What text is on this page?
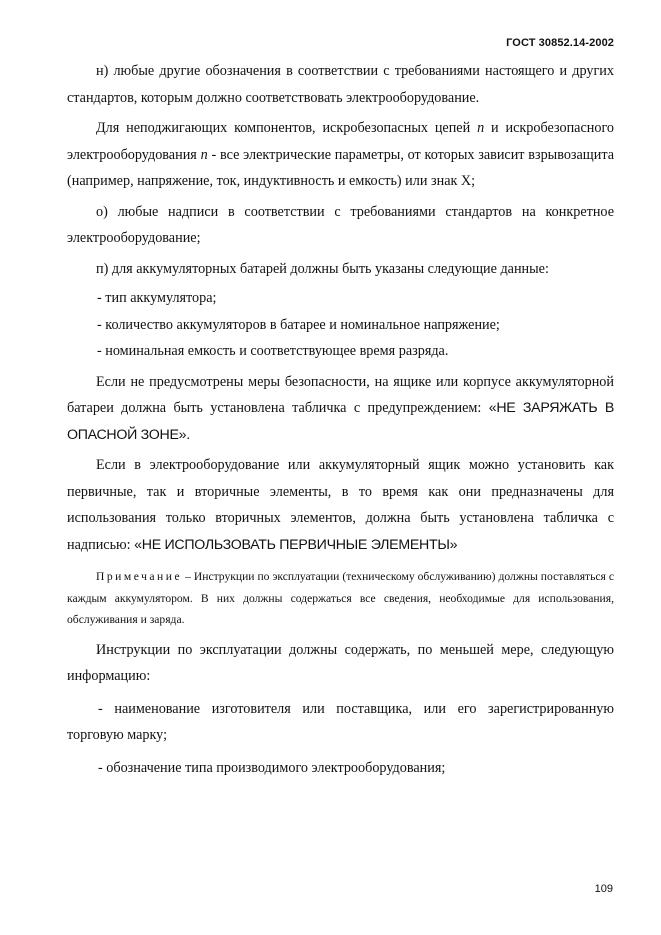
ГОСТ 30852.14-2002

н) любые другие обозначения в соответствии с требованиями настоящего и других стандартов, которым должно соответствовать электрооборудование.

Для неподжигающих компонентов, искробезопасных цепей n и искробезопасного электрооборудования n - все электрические параметры, от которых зависит взрывозащита (например, напряжение, ток, индуктивность и емкость) или знак X;

о) любые надписи в соответствии с требованиями стандартов на конкретное электрооборудование;

п) для аккумуляторных батарей должны быть указаны следующие данные:

- тип аккумулятора;

- количество аккумуляторов в батарее и номинальное напряжение;

- номинальная емкость и соответствующее время разряда.

Если не предусмотрены меры безопасности, на ящике или корпусе аккумуляторной батареи должна быть установлена табличка с предупреждением: «НЕ ЗАРЯЖАТЬ В ОПАСНОЙ ЗОНЕ».

Если в электрооборудование или аккумуляторный ящик можно установить как первичные, так и вторичные элементы, в то время как они предназначены для использования только вторичных элементов, должна быть установлена табличка с надписью: «НЕ ИСПОЛЬЗОВАТЬ ПЕРВИЧНЫЕ ЭЛЕМЕНТЫ»

Примечание – Инструкции по эксплуатации (техническому обслуживанию) должны поставляться с каждым аккумулятором. В них должны содержаться все сведения, необходимые для использования, обслуживания и заряда.

Инструкции по эксплуатации должны содержать, по меньшей мере, следующую информацию:

- наименование изготовителя или поставщика, или его зарегистрированную торговую марку;

- обозначение типа производимого электрооборудования;

109
